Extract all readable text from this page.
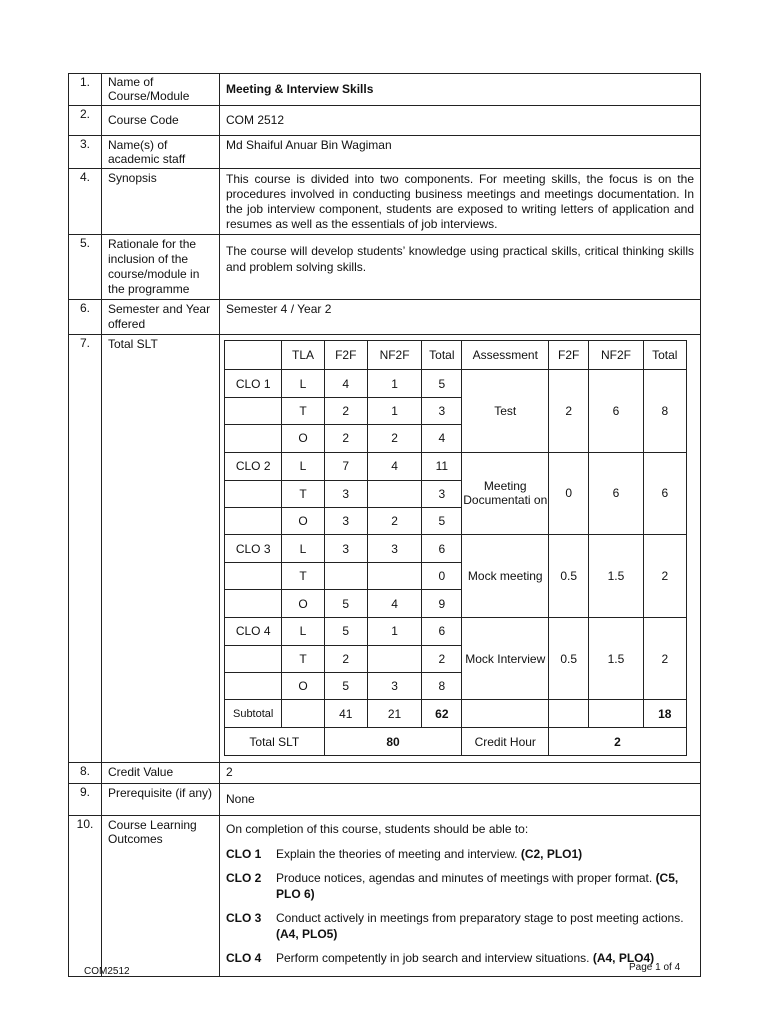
1.	Name of Course/Module	Meeting & Interview Skills
2.	Course Code	COM 2512
3.	Name(s) of academic staff	Md Shaiful Anuar Bin Wagiman
4.	Synopsis	This course is divided into two components. For meeting skills, the focus is on the procedures involved in conducting business meetings and meetings documentation. In the job interview component, students are exposed to writing letters of application and resumes as well as the essentials of job interviews.
5.	Rationale for the inclusion of the course/module in the programme	The course will develop students’ knowledge using practical skills, critical thinking skills and problem solving skills.
6.	Semester and Year offered	Semester 4 / Year 2
7.	Total SLT	
	TLA	F2F	NF2F	Total	Assessment	F2F	NF2F	Total
CLO 1	L	4	1	5	Test	2	6	8
	T	2	1	3
	O	2	2	4
CLO 2	L	7	4	11	Meeting Documentati on	0	6	6
	T	3		3
	O	3	2	5
CLO 3	L	3	3	6	Mock meeting	0.5	1.5	2
	T			0
	O	5	4	9
CLO 4	L	5	1	6	Mock Interview	0.5	1.5	2
	T	2		2
	O	5	3	8
Subtotal		41	21	62				18
Total SLT	80	Credit Hour	2

8.	Credit Value	2
9.	Prerequisite (if any)	None
10.	Course Learning Outcomes	
On completion of this course, students should be able to:
CLO 1	Explain the theories of meeting and interview. (C2, PLO1)
CLO 2	Produce notices, agendas and minutes of meetings with proper format. (C5, PLO 6)
CLO 3	Conduct actively in meetings from preparatory stage to post meeting actions. (A4, PLO5)
CLO 4	Perform competently in job search and interview situations. (A4, PLO4)
COM2512	Page 1 of 4
